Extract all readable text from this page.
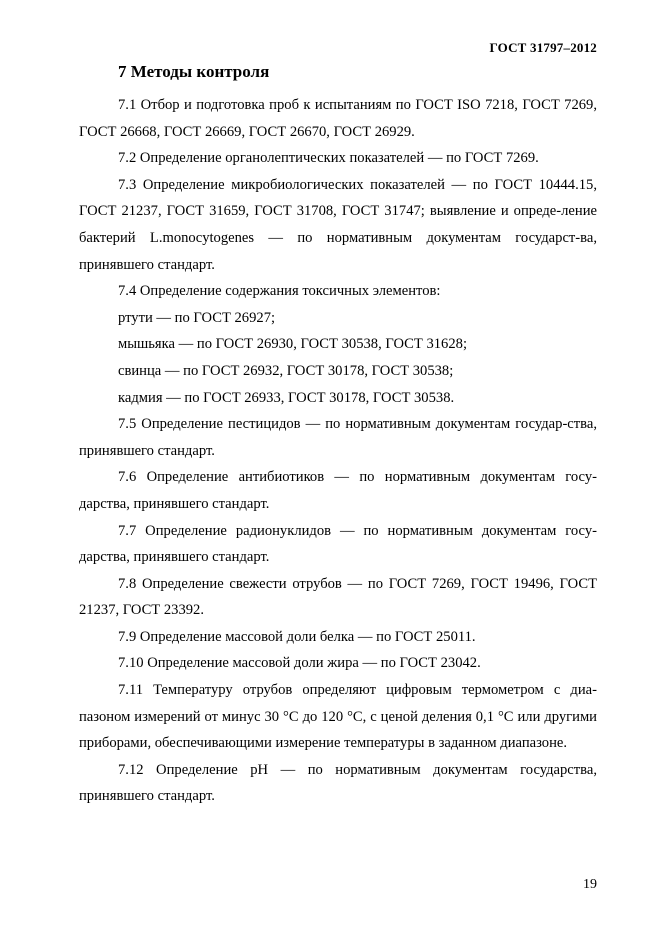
ГОСТ 31797–2012
7 Методы контроля

7.1 Отбор и подготовка проб к испытаниям по ГОСТ ISO 7218, ГОСТ 7269, ГОСТ 26668, ГОСТ 26669, ГОСТ 26670, ГОСТ 26929.

7.2 Определение органолептических показателей — по ГОСТ 7269.

7.3 Определение микробиологических показателей — по ГОСТ 10444.15, ГОСТ 21237, ГОСТ 31659, ГОСТ 31708, ГОСТ 31747; выявление и опреде-ление бактерий L.monocytogenes — по нормативным документам государст-ва, принявшего стандарт.

7.4 Определение содержания токсичных элементов:

ртути — по ГОСТ 26927;

мышьяка — по ГОСТ 26930, ГОСТ 30538, ГОСТ 31628;

свинца — по ГОСТ 26932, ГОСТ 30178, ГОСТ 30538;

кадмия — по ГОСТ 26933, ГОСТ 30178, ГОСТ 30538.

7.5 Определение пестицидов — по нормативным документам государ-ства, принявшего стандарт.

7.6 Определение антибиотиков — по нормативным документам госу-дарства, принявшего стандарт.

7.7 Определение радионуклидов — по нормативным документам госу-дарства, принявшего стандарт.

7.8 Определение свежести отрубов — по ГОСТ 7269, ГОСТ 19496, ГОСТ 21237, ГОСТ 23392.

7.9 Определение массовой доли белка — по ГОСТ 25011.

7.10 Определение массовой доли жира — по ГОСТ 23042.

7.11 Температуру отрубов определяют цифровым термометром с диа-пазоном измерений от минус 30 °С до 120 °С, с ценой деления 0,1 °С или другими приборами, обеспечивающими измерение температуры в заданном диапазоне.

7.12 Определение рН — по нормативным документам государства, принявшего стандарт.

19
